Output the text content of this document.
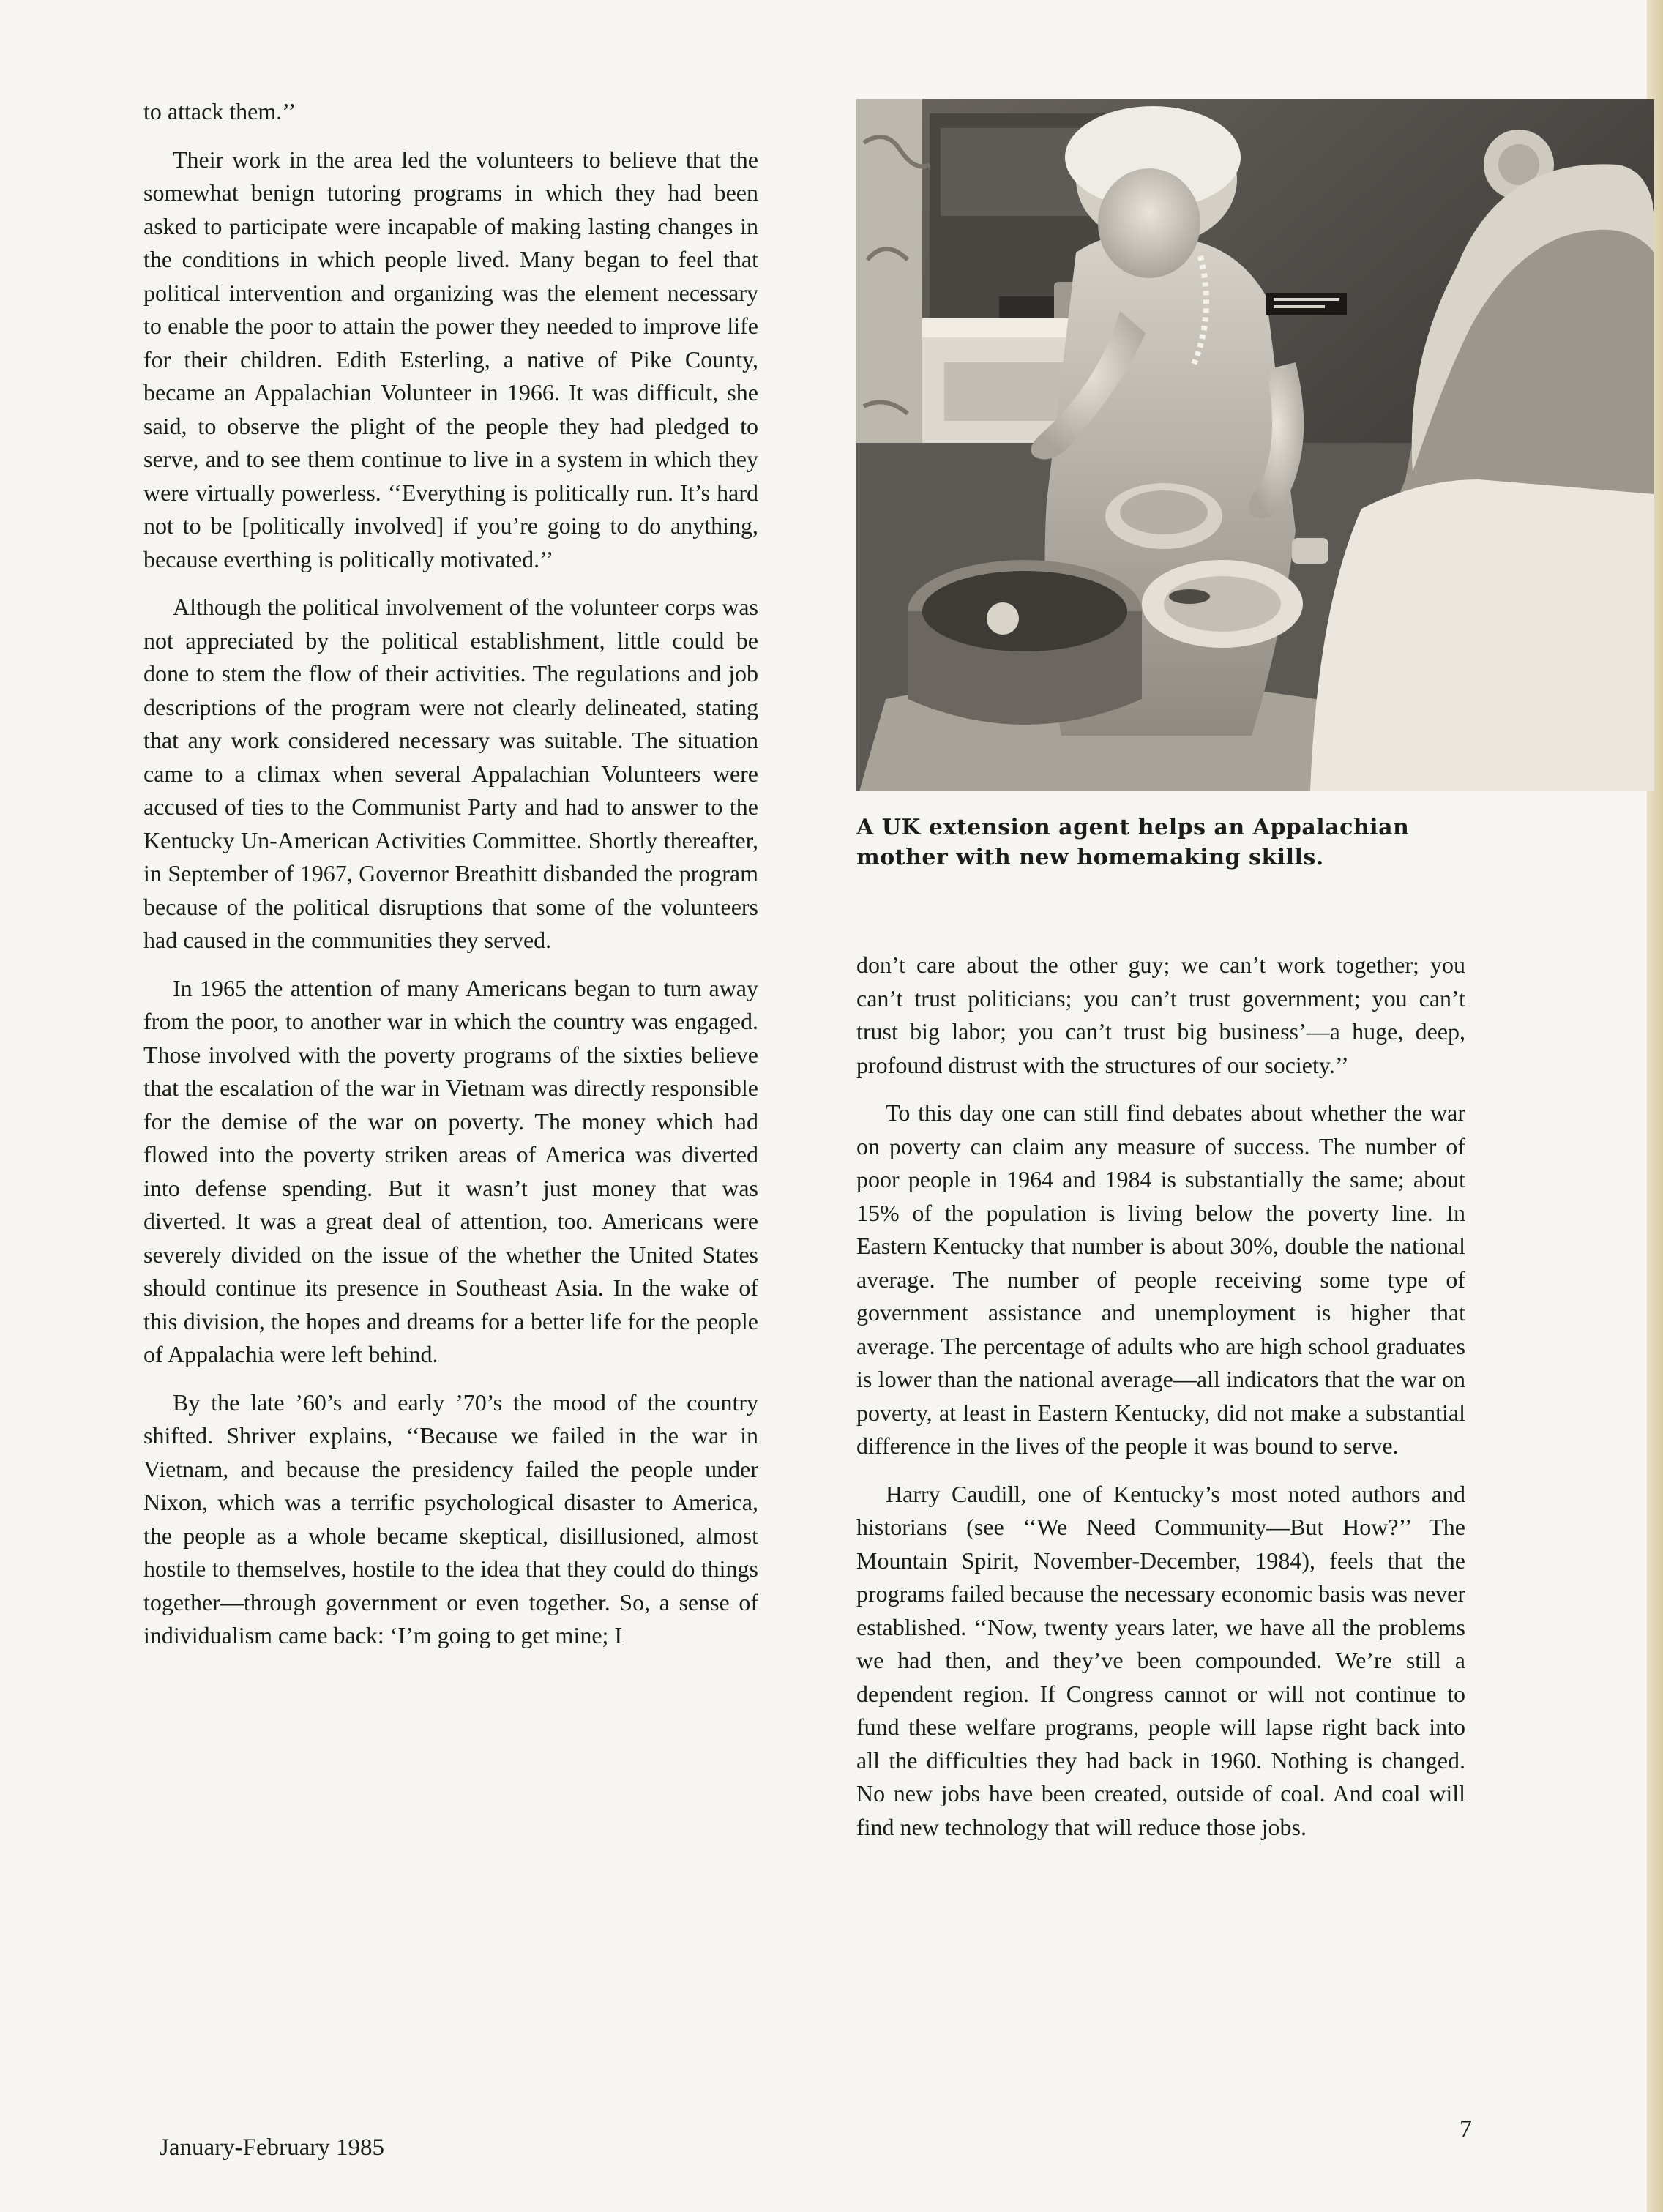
to attack them.’’

Their work in the area led the volunteers to believe that the somewhat benign tutoring programs in which they had been asked to participate were incapable of making lasting changes in the conditions in which people lived. Many began to feel that political intervention and organizing was the element necessary to enable the poor to attain the power they needed to improve life for their children. Edith Esterling, a native of Pike County, became an Appalachian Volunteer in 1966. It was difficult, she said, to observe the plight of the people they had pledged to serve, and to see them continue to live in a system in which they were virtually powerless. ‘‘Everything is politically run. It’s hard not to be [politically involved] if you’re going to do anything, because everthing is politically motivated.’’

Although the political involvement of the volunteer corps was not appreciated by the political establishment, little could be done to stem the flow of their activities. The regulations and job descriptions of the program were not clearly delineated, stating that any work considered necessary was suitable. The situation came to a climax when several Appalachian Volunteers were accused of ties to the Communist Party and had to answer to the Kentucky Un-American Activities Committee. Shortly thereafter, in September of 1967, Governor Breathitt disbanded the program because of the political disruptions that some of the volunteers had caused in the communities they served.

In 1965 the attention of many Americans began to turn away from the poor, to another war in which the country was engaged. Those involved with the poverty programs of the sixties believe that the escalation of the war in Vietnam was directly responsible for the demise of the war on poverty. The money which had flowed into the poverty striken areas of America was diverted into defense spending. But it wasn’t just money that was diverted. It was a great deal of attention, too. Americans were severely divided on the issue of the whether the United States should continue its presence in Southeast Asia. In the wake of this division, the hopes and dreams for a better life for the people of Appalachia were left behind.

By the late ’60’s and early ’70’s the mood of the country shifted. Shriver explains, ‘‘Because we failed in the war in Vietnam, and because the presidency failed the people under Nixon, which was a terrific psychological disaster to America, the people as a whole became skeptical, disillusioned, almost hostile to themselves, hostile to the idea that they could do things together—through government or even together. So, a sense of individualism came back: ‘I’m going to get mine; I

A UK extension agent helps an Appalachian mother with new homemaking skills.

don’t care about the other guy; we can’t work together; you can’t trust politicians; you can’t trust government; you can’t trust big labor; you can’t trust big business’—a huge, deep, profound distrust with the structures of our society.’’

To this day one can still find debates about whether the war on poverty can claim any measure of success. The number of poor people in 1964 and 1984 is substantially the same; about 15% of the population is living below the poverty line. In Eastern Kentucky that number is about 30%, double the national average. The number of people receiving some type of government assistance and unemployment is higher that average. The percentage of adults who are high school graduates is lower than the national average—all indicators that the war on poverty, at least in Eastern Kentucky, did not make a substantial difference in the lives of the people it was bound to serve.

Harry Caudill, one of Kentucky’s most noted authors and historians (see ‘‘We Need Community—But How?’’ The Mountain Spirit, November-December, 1984), feels that the programs failed because the necessary economic basis was never established. ‘‘Now, twenty years later, we have all the problems we had then, and they’ve been compounded. We’re still a dependent region. If Congress cannot or will not continue to fund these welfare programs, people will lapse right back into all the difficulties they had back in 1960. Nothing is changed. No new jobs have been created, outside of coal. And coal will find new technology that will reduce those jobs.

January-February 1985
7
